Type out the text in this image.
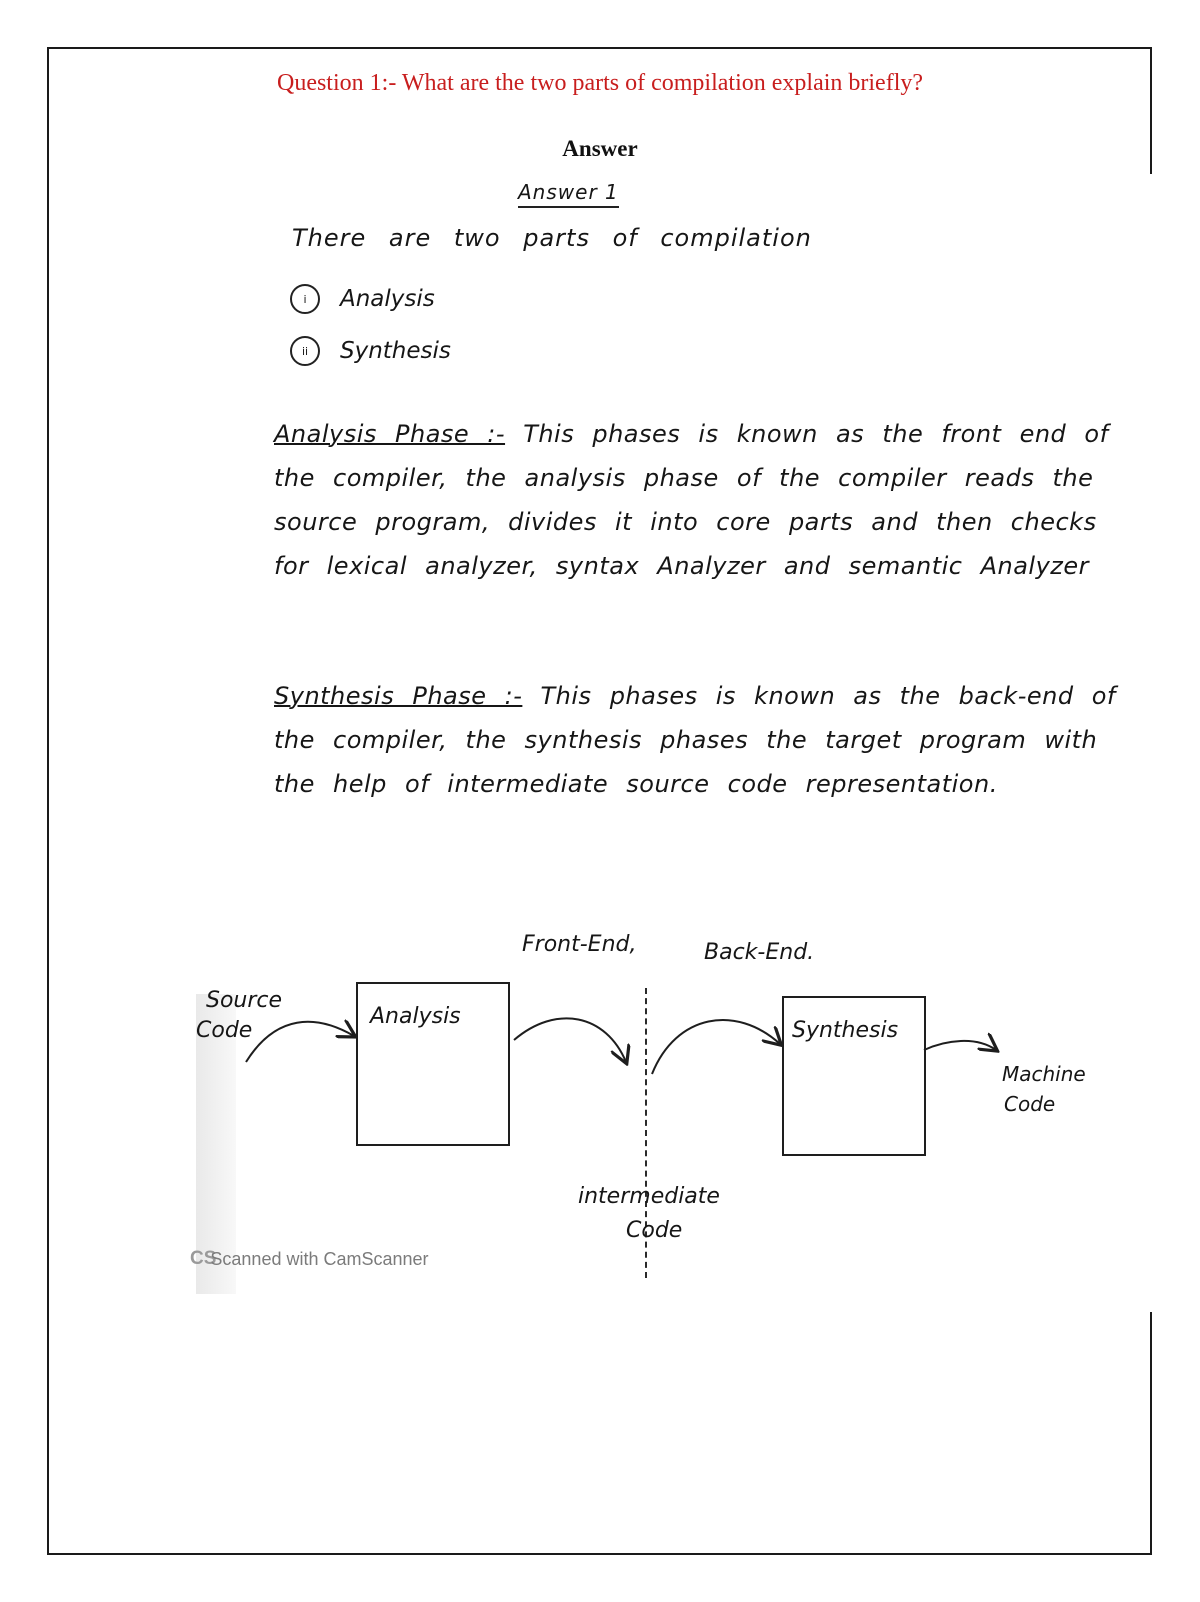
Question 1:- What are the two parts of compilation explain briefly?
Answer
Answer 1
There are two parts of compilation
i	Analysis
ii	Synthesis
Analysis Phase :- This phases is known as the front end of the compiler, the analysis phase of the compiler reads the source program, divides it into core parts and then checks for lexical analyzer, syntax Analyzer and semantic Analyzer
Synthesis Phase :- This phases is known as the back-end of the compiler, the synthesis phases the target program with the help of intermediate source code representation.
Front-End,	Back-End.
Source
Code
Analysis
Synthesis
Machine
Code
intermediate
Code
CS
Scanned with CamScanner
